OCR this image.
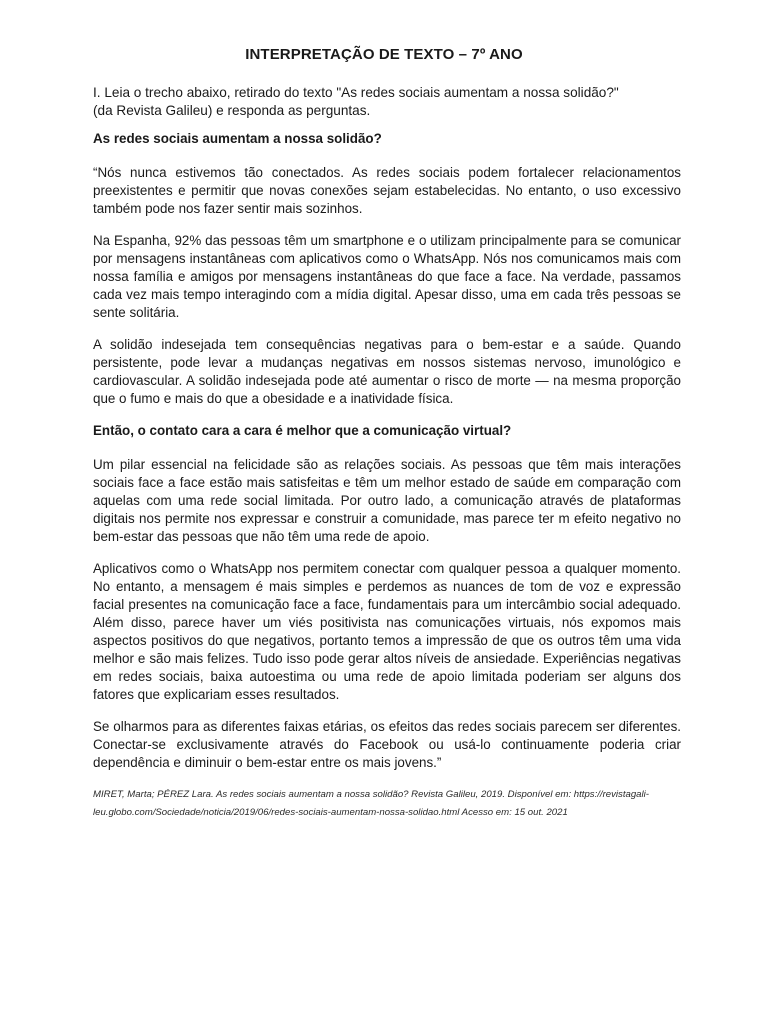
INTERPRETAÇÃO DE TEXTO – 7º ANO
I. Leia o trecho abaixo, retirado do texto "As redes sociais aumentam a nossa solidão?"
(da Revista Galileu) e responda as perguntas.

As redes sociais aumentam a nossa solidão?

“Nós nunca estivemos tão conectados. As redes sociais podem fortalecer relacionamentos preexistentes e permitir que novas conexões sejam estabelecidas. No entanto, o uso excessivo também pode nos fazer sentir mais sozinhos.

Na Espanha, 92% das pessoas têm um smartphone e o utilizam principalmente para se comunicar por mensagens instantâneas com aplicativos como o WhatsApp. Nós nos comunicamos mais com nossa família e amigos por mensagens instantâneas do que face a face. Na verdade, passamos cada vez mais tempo interagindo com a mídia digital. Apesar disso, uma em cada três pessoas se sente solitária.

A solidão indesejada tem consequências negativas para o bem-estar e a saúde. Quando persistente, pode levar a mudanças negativas em nossos sistemas nervoso, imunológico e cardiovascular. A solidão indesejada pode até aumentar o risco de morte — na mesma proporção que o fumo e mais do que a obesidade e a inatividade física.

Então, o contato cara a cara é melhor que a comunicação virtual?

Um pilar essencial na felicidade são as relações sociais. As pessoas que têm mais interações sociais face a face estão mais satisfeitas e têm um melhor estado de saúde em comparação com aquelas com uma rede social limitada. Por outro lado, a comunicação através de plataformas digitais nos permite nos expressar e construir a comunidade, mas parece ter m efeito negativo no bem-estar das pessoas que não têm uma rede de apoio.

Aplicativos como o WhatsApp nos permitem conectar com qualquer pessoa a qualquer momento. No entanto, a mensagem é mais simples e perdemos as nuances de tom de voz e expressão facial presentes na comunicação face a face, fundamentais para um intercâmbio social adequado. Além disso, parece haver um viés positivista nas comunicações virtuais, nós expomos mais aspectos positivos do que negativos, portanto temos a impressão de que os outros têm uma vida melhor e são mais felizes. Tudo isso pode gerar altos níveis de ansiedade. Experiências negativas em redes sociais, baixa autoestima ou uma rede de apoio limitada poderiam ser alguns dos fatores que explicariam esses resultados.

Se olharmos para as diferentes faixas etárias, os efeitos das redes sociais parecem ser diferentes. Conectar-se exclusivamente através do Facebook ou usá-lo continuamente poderia criar dependência e diminuir o bem-estar entre os mais jovens.”

MIRET, Marta; PÉREZ Lara. As redes sociais aumentam a nossa solidão? Revista Galileu, 2019. Disponível em: https://revistagali-

leu.globo.com/Sociedade/noticia/2019/06/redes-sociais-aumentam-nossa-solidao.html Acesso em: 15 out. 2021
